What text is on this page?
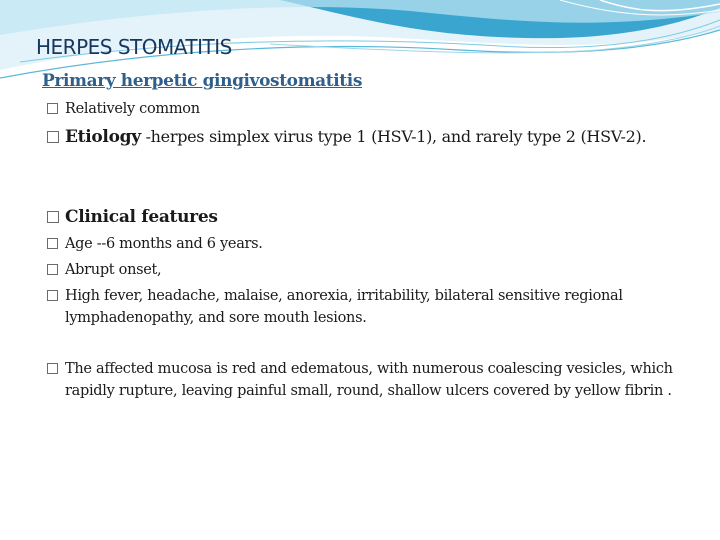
HERPES STOMATITIS
Primary herpetic gingivostomatitis
Relatively common
Etiology -herpes simplex virus type 1 (HSV-1), and rarely type 2 (HSV-2).
Clinical features
Age --6 months and 6 years.
Abrupt onset,
High fever, headache, malaise, anorexia, irritability, bilateral sensitive regional lymphadenopathy, and sore mouth lesions.
The affected mucosa is red and edematous, with numerous coalescing vesicles, which rapidly rupture, leaving painful small, round, shallow ulcers covered by yellow fibrin .
